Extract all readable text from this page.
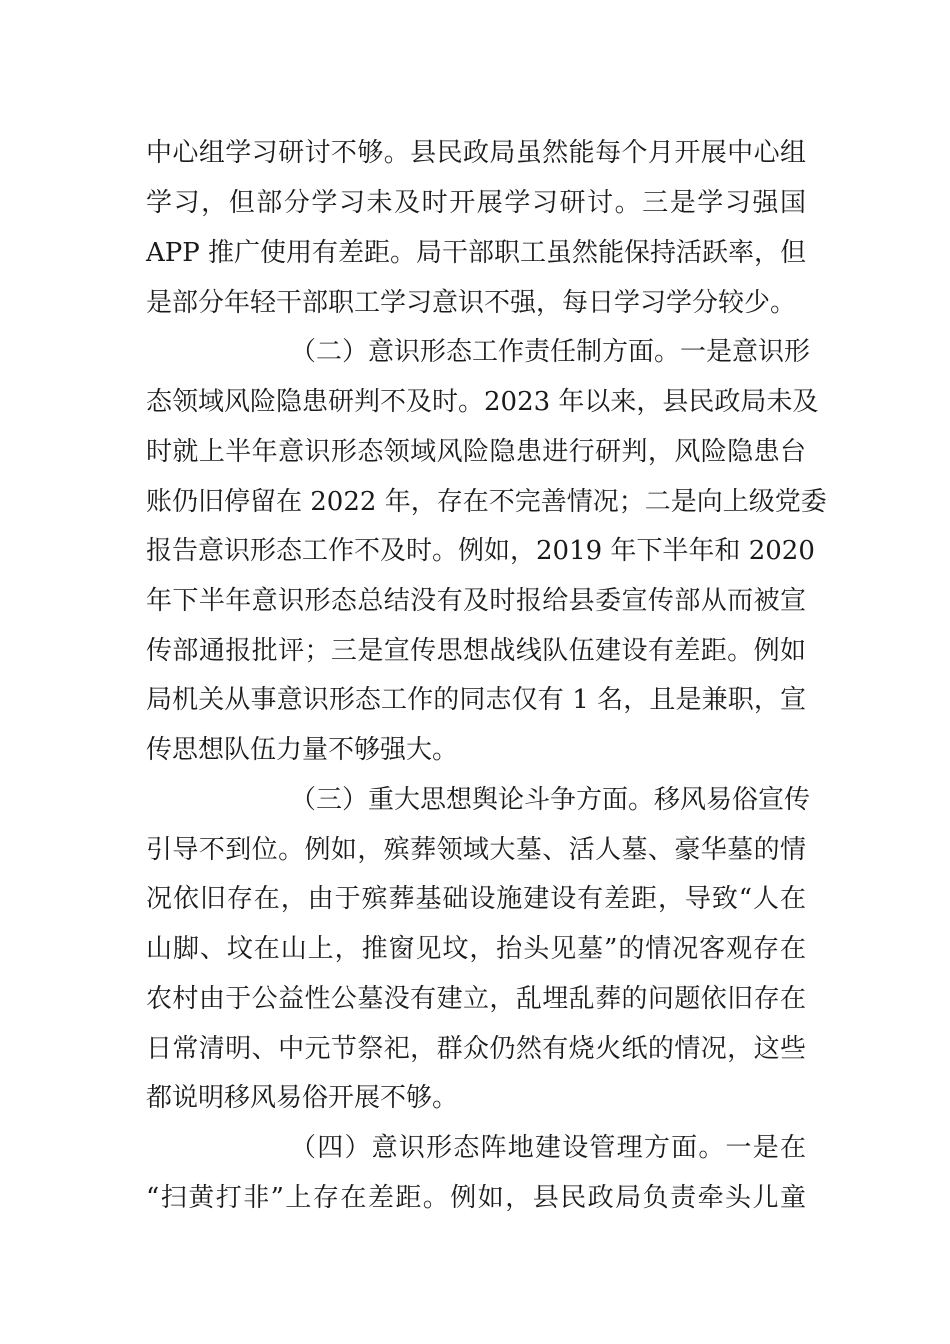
中心组学习研讨不够。县民政局虽然能每个月开展中心组
学习，但部分学习未及时开展学习研讨。三是学习强国
APP 推广使用有差距。局干部职工虽然能保持活跃率，但
是部分年轻干部职工学习意识不强，每日学习学分较少。
（二）意识形态工作责任制方面。一是意识形
态领域风险隐患研判不及时。2023 年以来，县民政局未及
时就上半年意识形态领域风险隐患进行研判，风险隐患台
账仍旧停留在 2022 年，存在不完善情况；二是向上级党委
报告意识形态工作不及时。例如，2019 年下半年和 2020
年下半年意识形态总结没有及时报给县委宣传部从而被宣
传部通报批评；三是宣传思想战线队伍建设有差距。例如
局机关从事意识形态工作的同志仅有 1 名，且是兼职，宣
传思想队伍力量不够强大。
（三）重大思想舆论斗争方面。移风易俗宣传
引导不到位。例如，殡葬领域大墓、活人墓、豪华墓的情
况依旧存在，由于殡葬基础设施建设有差距，导致“人在
山脚、坟在山上，推窗见坟，抬头见墓”的情况客观存在
农村由于公益性公墓没有建立，乱埋乱葬的问题依旧存在
日常清明、中元节祭祀，群众仍然有烧火纸的情况，这些
都说明移风易俗开展不够。
（四）意识形态阵地建设管理方面。一是在
“扫黄打非”上存在差距。例如，县民政局负责牵头儿童
